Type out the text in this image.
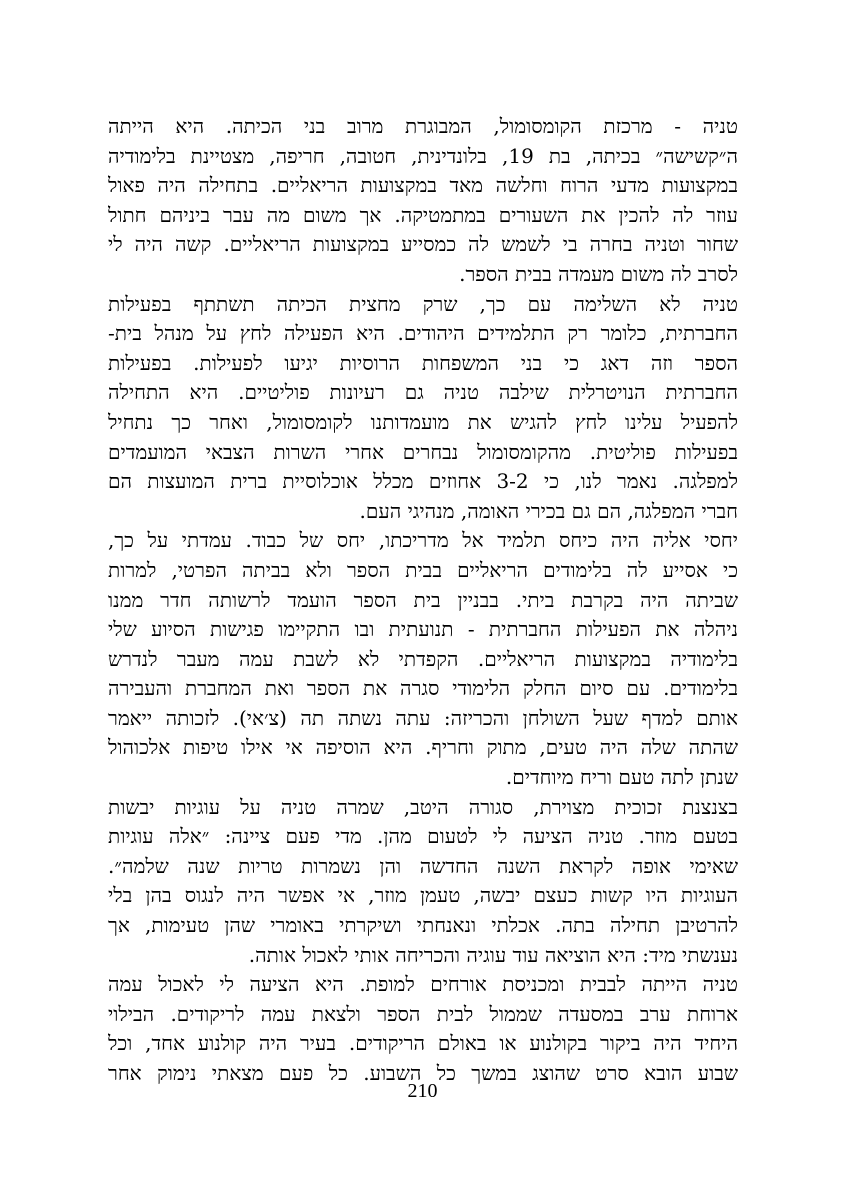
טניה - מרכזת הקומסומול, המבוגרת מרוב בני הכיתה. היא הייתה
ה״קשישה״ בכיתה, בת 19, בלונדינית, חטובה, חריפה, מצטיינת בלימודיה
במקצועות מדעי הרוח וחלשה מאד במקצועות הריאליים. בתחילה היה פאול
עוזר לה להכין את השעורים במתמטיקה. אך משום מה עבר ביניהם חתול
שחור וטניה בחרה בי לשמש לה כמסייע במקצועות הריאליים. קשה היה לי
לסרב לה משום מעמדה בבית הספר.
טניה לא השלימה עם כך, שרק מחצית הכיתה תשתתף בפעילות
החברתית, כלומר רק התלמידים היהודים. היא הפעילה לחץ על מנהל בית-
הספר וזה דאג כי בני המשפחות הרוסיות יגיעו לפעילות. בפעילות
החברתית הנויטרלית שילבה טניה גם רעיונות פוליטיים. היא התחילה
להפעיל עלינו לחץ להגיש את מועמדותנו לקומסומול, ואחר כך נתחיל
בפעילות פוליטית. מהקומסומול נבחרים אחרי השרות הצבאי המועמדים
למפלגה. נאמר לנו, כי 3-2 אחוזים מכלל אוכלוסיית ברית המועצות הם
חברי המפלגה, הם גם בכירי האומה, מנהיגי העם.
יחסי אליה היה כיחס תלמיד אל מדריכתו, יחס של כבוד. עמדתי על כך,
כי אסייע לה בלימודים הריאליים בבית הספר ולא בביתה הפרטי, למרות
שביתה היה בקרבת ביתי. בבניין בית הספר הועמד לרשותה חדר ממנו
ניהלה את הפעילות החברתית - תנועתית ובו התקיימו פגישות הסיוע שלי
בלימודיה במקצועות הריאליים. הקפדתי לא לשבת עמה מעבר לנדרש
בלימודים. עם סיום החלק הלימודי סגרה את הספר ואת המחברת והעבירה
אותם למדף שעל השולחן והכריזה: עתה נשתה תה (צ׳אי). לזכותה ייאמר
שהתה שלה היה טעים, מתוק וחריף. היא הוסיפה אי אילו טיפות אלכוהול
שנתן לתה טעם וריח מיוחדים.
בצנצנת זכוכית מצוירת, סגורה היטב, שמרה טניה על עוגיות יבשות
בטעם מוזר. טניה הציעה לי לטעום מהן. מדי פעם ציינה: ״אלה עוגיות
שאימי אופה לקראת השנה החדשה והן נשמרות טריות שנה שלמה״.
העוגיות היו קשות כעצם יבשה, טעמן מוזר, אי אפשר היה לנגוס בהן בלי
להרטיבן תחילה בתה. אכלתי ונאנחתי ושיקרתי באומרי שהן טעימות, אך
נענשתי מיד: היא הוציאה עוד עוגיה והכריחה אותי לאכול אותה.
טניה הייתה לבבית ומכניסת אורחים למופת. היא הציעה לי לאכול עמה
ארוחת ערב במסעדה שממול לבית הספר ולצאת עמה לריקודים. הבילוי
היחיד היה ביקור בקולנוע או באולם הריקודים. בעיר היה קולנוע אחד, וכל
שבוע הובא סרט שהוצג במשך כל השבוע. כל פעם מצאתי נימוק אחר
210
